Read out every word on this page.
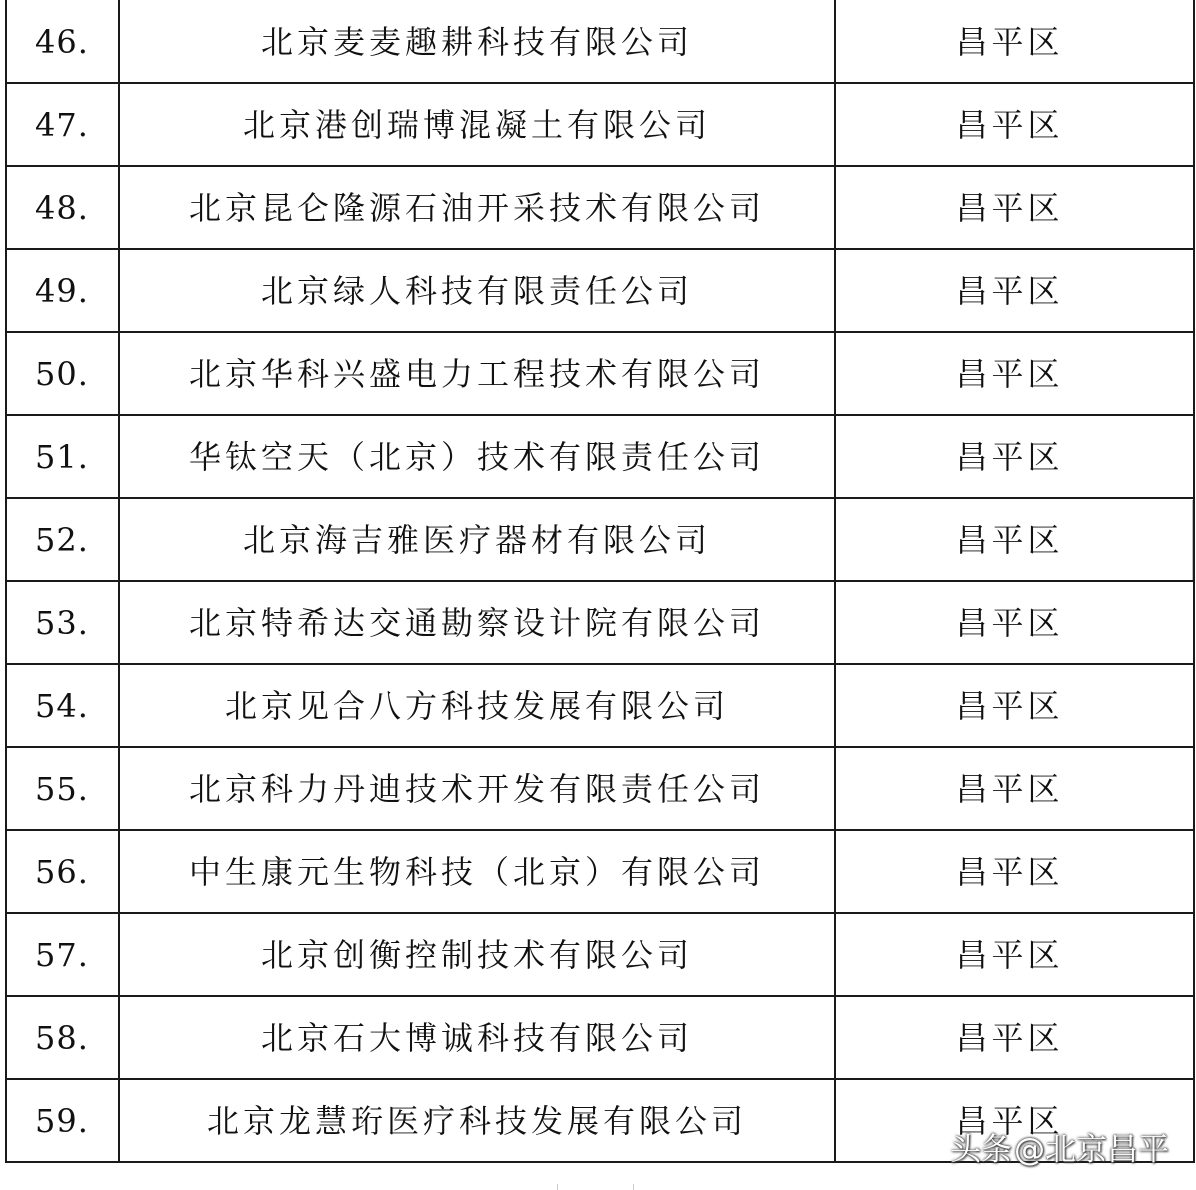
46.	北京麦麦趣耕科技有限公司	昌平区
47.	北京港创瑞博混凝土有限公司	昌平区
48.	北京昆仑隆源石油开采技术有限公司	昌平区
49.	北京绿人科技有限责任公司	昌平区
50.	北京华科兴盛电力工程技术有限公司	昌平区
51.	华钛空天（北京）技术有限责任公司	昌平区
52.	北京海吉雅医疗器材有限公司	昌平区
53.	北京特希达交通勘察设计院有限公司	昌平区
54.	北京见合八方科技发展有限公司	昌平区
55.	北京科力丹迪技术开发有限责任公司	昌平区
56.	中生康元生物科技（北京）有限公司	昌平区
57.	北京创衡控制技术有限公司	昌平区
58.	北京石大博诚科技有限公司	昌平区
59.	北京龙慧珩医疗科技发展有限公司	昌平区
头条 @北京昌平
